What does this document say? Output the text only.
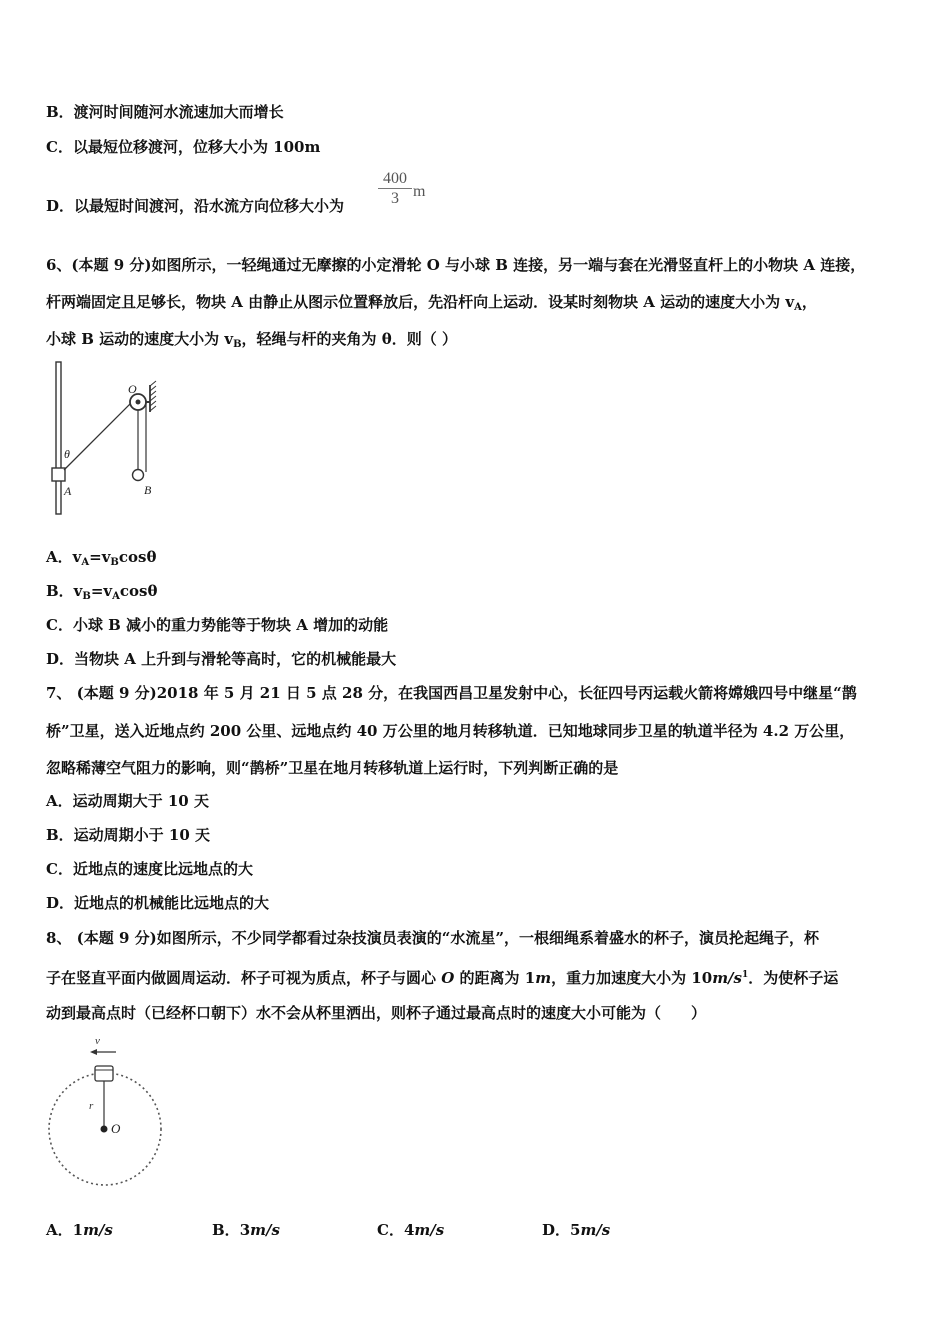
B．渡河时间随河水流速加大而增长
C．以最短位移渡河，位移大小为 100m
D．以最短时间渡河，沿水流方向位移大小为 $\frac{400}{3}$ m
6、(本题 9 分)如图所示，一轻绳通过无摩擦的小定滑轮 O 与小球 B 连接，另一端与套在光滑竖直杆上的小物块 A 连接，
杆两端固定且足够长，物块 A 由静止从图示位置释放后，先沿杆向上运动．设某时刻物块 A 运动的速度大小为 $v_A$，
小球 B 运动的速度大小为 $v_B$，轻绳与杆的夹角为 θ．则（ ）
O
θ
A	B
A．$v_A=v_B\cos\theta$
B．$v_B=v_A\cos\theta$
C．小球 B 减小的重力势能等于物块 A 增加的动能
D．当物块 A 上升到与滑轮等高时，它的机械能最大
7、 (本题 9 分)2018 年 5 月 21 日 5 点 28 分，在我国西昌卫星发射中心，长征四号丙运载火箭将嫦娥四号中继星“鹊
桥”卫星，送入近地点约 200 公里、远地点约 40 万公里的地月转移轨道．已知地球同步卫星的轨道半径为 4.2 万公里，
忽略稀薄空气阻力的影响，则“鹊桥”卫星在地月转移轨道上运行时，下列判断正确的是
A．运动周期大于 10 天
B．运动周期小于 10 天
C．近地点的速度比远地点的大
D．近地点的机械能比远地点的大
8、 (本题 9 分)如图所示，不少同学都看过杂技演员表演的“水流星”，一根细绳系着盛水的杯子，演员抡起绳子，杯
子在竖直平面内做圆周运动．杯子可视为质点，杯子与圆心 O 的距离为 1m，重力加速度大小为 $10m/s^1$．为使杯子运
动到最高点时（已经杯口朝下）水不会从杯里洒出，则杯子通过最高点时的速度大小可能为（　　）
v
r
O
A．1m/s	B．3m/s	C．4m/s	D．5m/s
